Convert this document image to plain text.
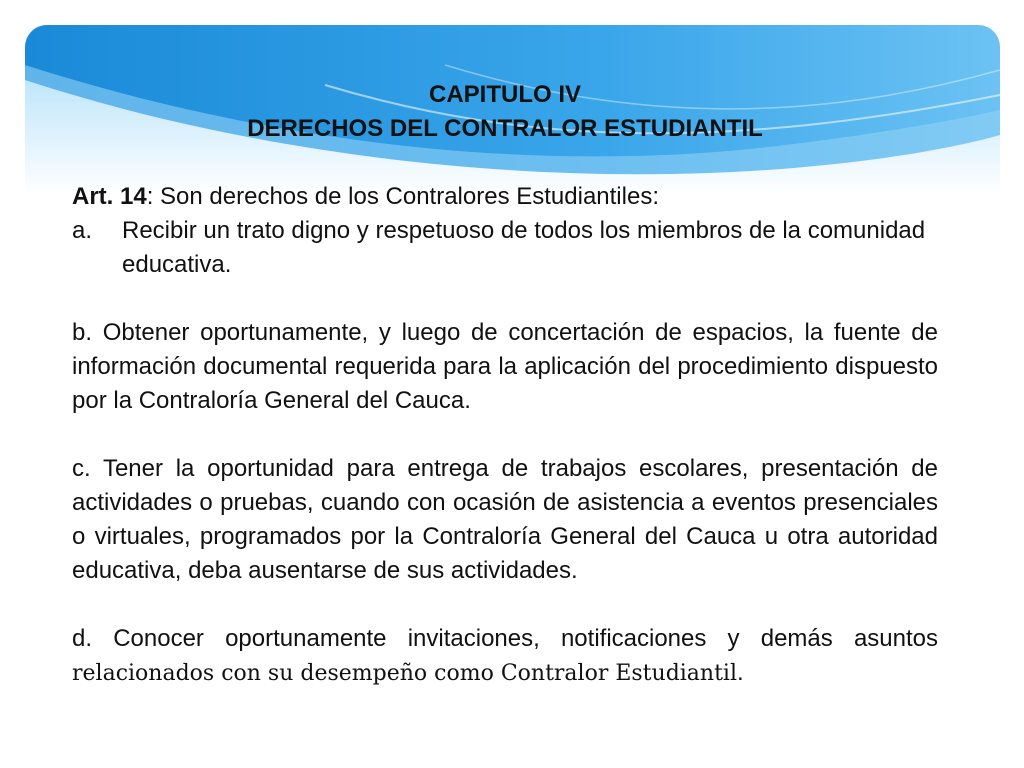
CAPITULO IV
DERECHOS DEL CONTRALOR ESTUDIANTIL
Art. 14: Son derechos de los Contralores Estudiantiles:
a.	Recibir un trato digno y respetuoso de todos los miembros de la comunidad educativa.

b. Obtener oportunamente, y luego de concertación de espacios, la fuente de información documental requerida para la aplicación del procedimiento dispuesto por la Contraloría General del Cauca.

c. Tener la oportunidad para entrega de trabajos escolares, presentación de actividades o pruebas, cuando con ocasión de asistencia a eventos presenciales o virtuales, programados por la Contraloría General del Cauca u otra autoridad educativa, deba ausentarse de sus actividades.

d. Conocer oportunamente invitaciones, notificaciones y demás asuntos relacionados con su desempeño como Contralor Estudiantil.
